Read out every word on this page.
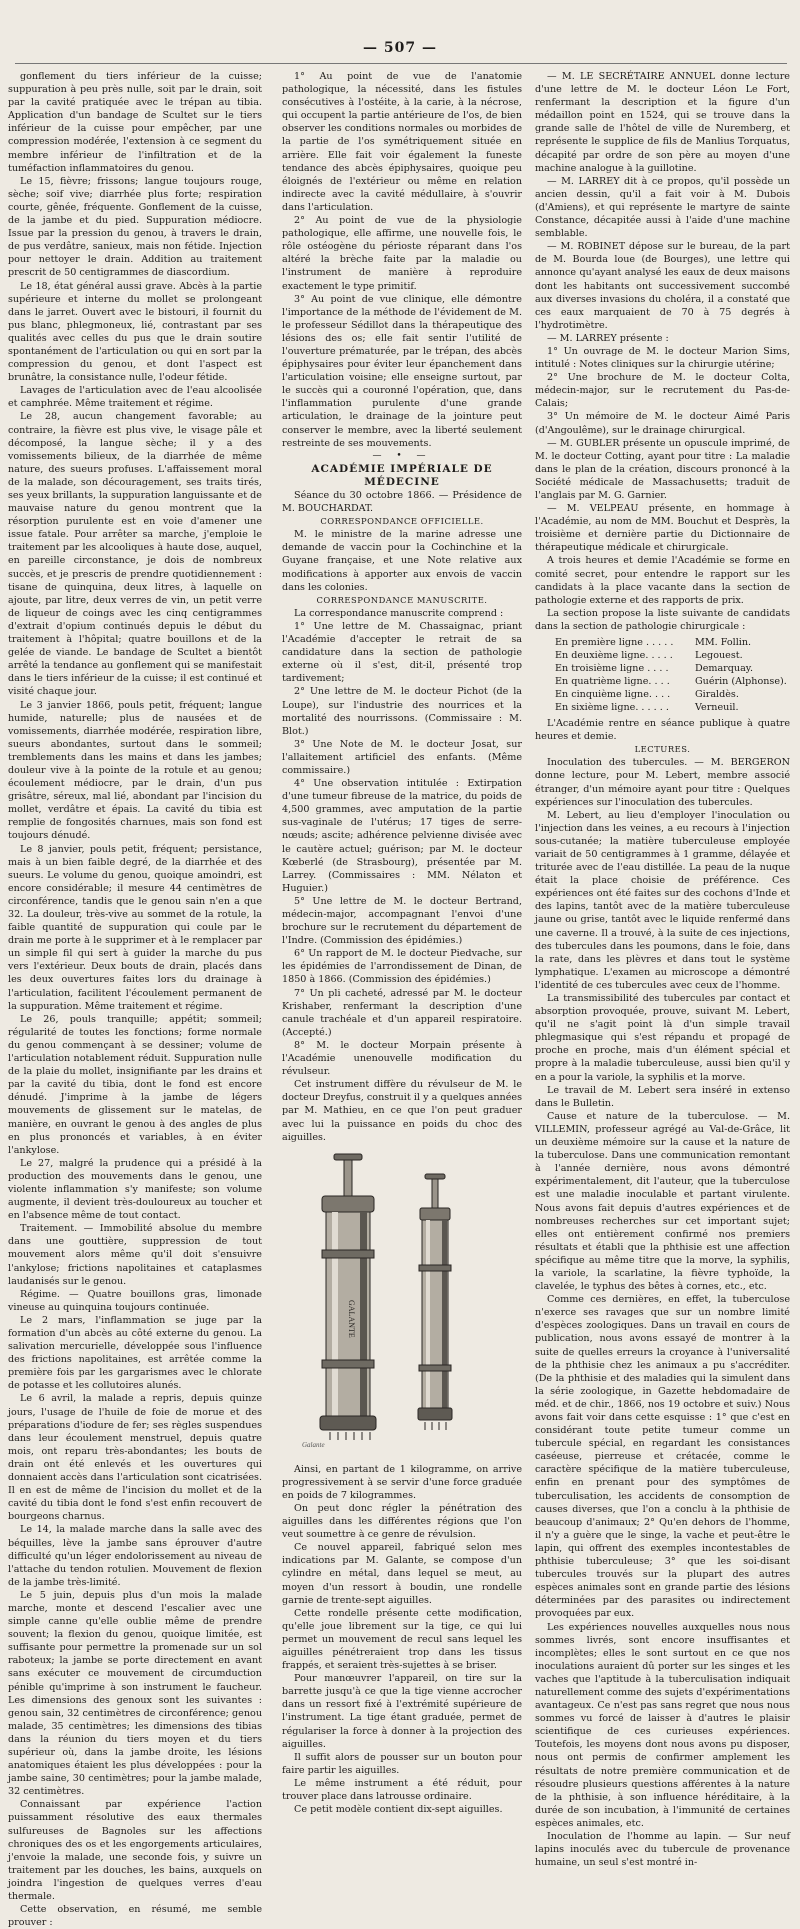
— 507 —

gonflement du tiers inférieur de la cuisse; suppuration à peu près nulle, soit par le drain, soit par la cavité pratiquée avec le trépan au tibia. Application d'un bandage de Scultet sur le tiers inférieur de la cuisse pour empêcher, par une compression modérée, l'extension à ce segment du membre inférieur de l'infiltration et de la tuméfaction inflammatoires du genou.

Le 15, fièvre; frissons; langue toujours rouge, sèche; soif vive; diarrhée plus forte; respiration courte, gênée, fréquente. Gonflement de la cuisse, de la jambe et du pied. Suppuration médiocre. Issue par la pression du genou, à travers le drain, de pus verdâtre, sanieux, mais non fétide. Injection pour nettoyer le drain. Addition au traitement prescrit de 50 centigrammes de diascordium.

Le 18, état général aussi grave. Abcès à la partie supérieure et interne du mollet se prolongeant dans le jarret. Ouvert avec le bistouri, il fournit du pus blanc, phlegmoneux, lié, contrastant par ses qualités avec celles du pus que le drain soutire spontanément de l'articulation ou qui en sort par la compression du genou, et dont l'aspect est brunâtre, la consistance nulle, l'odeur fétide.

Lavages de l'articulation avec de l'eau alcoolisée et camphrée. Même traitement et régime.

Le 28, aucun changement favorable; au contraire, la fièvre est plus vive, le visage pâle et décomposé, la langue sèche; il y a des vomissements bilieux, de la diarrhée de même nature, des sueurs profuses. L'affaissement moral de la malade, son découragement, ses traits tirés, ses yeux brillants, la suppuration languissante et de mauvaise nature du genou montrent que la résorption purulente est en voie d'amener une issue fatale. Pour arrêter sa marche, j'emploie le traitement par les alcooliques à haute dose, auquel, en pareille circonstance, je dois de nombreux succès, et je prescris de prendre quotidiennement : tisane de quinquina, deux litres, à laquelle on ajoute, par litre, deux verres de vin, un petit verre de liqueur de coings avec les cinq centigrammes d'extrait d'opium continués depuis le début du traitement à l'hôpital; quatre bouillons et de la gelée de viande. Le bandage de Scultet a bientôt arrêté la tendance au gonflement qui se manifestait dans le tiers inférieur de la cuisse; il est continué et visité chaque jour.

Le 3 janvier 1866, pouls petit, fréquent; langue humide, naturelle; plus de nausées et de vomissements, diarrhée modérée, respiration libre, sueurs abondantes, surtout dans le sommeil; tremblements dans les mains et dans les jambes; douleur vive à la pointe de la rotule et au genou; écoulement médiocre, par le drain, d'un pus grisâtre, séreux, mal lié, abondant par l'incision du mollet, verdâtre et épais. La cavité du tibia est remplie de fongosités charnues, mais son fond est toujours dénudé.

Le 8 janvier, pouls petit, fréquent; persistance, mais à un bien faible degré, de la diarrhée et des sueurs. Le volume du genou, quoique amoindri, est encore considérable; il mesure 44 centimètres de circonférence, tandis que le genou sain n'en a que 32. La douleur, très-vive au sommet de la rotule, la faible quantité de suppuration qui coule par le drain me porte à le supprimer et à le remplacer par un simple fil qui sert à guider la marche du pus vers l'extérieur. Deux bouts de drain, placés dans les deux ouvertures faites lors du drainage à l'articulation, facilitent l'écoulement permanent de la suppuration. Même traitement et régime.

Le 26, pouls tranquille; appétit; sommeil; régularité de toutes les fonctions; forme normale du genou commençant à se dessiner; volume de l'articulation notablement réduit. Suppuration nulle de la plaie du mollet, insignifiante par les drains et par la cavité du tibia, dont le fond est encore dénudé. J'imprime à la jambe de légers mouvements de glissement sur le matelas, de manière, en ouvrant le genou à des angles de plus en plus prononcés et variables, à en éviter l'ankylose.

Le 27, malgré la prudence qui a présidé à la production des mouvements dans le genou, une violente inflammation s'y manifeste; son volume augmente, il devient très-douloureux au toucher et en l'absence même de tout contact.

Traitement. — Immobilité absolue du membre dans une gouttière, suppression de tout mouvement alors même qu'il doit s'ensuivre l'ankylose; frictions napolitaines et cataplasmes laudanisés sur le genou.

Régime. — Quatre bouillons gras, limonade vineuse au quinquina toujours continuée.

Le 2 mars, l'inflammation se juge par la formation d'un abcès au côté externe du genou. La salivation mercurielle, développée sous l'influence des frictions napolitaines, est arrêtée comme la première fois par les gargarismes avec le chlorate de potasse et les collutoires alunés.

Le 6 avril, la malade a repris, depuis quinze jours, l'usage de l'huile de foie de morue et des préparations d'iodure de fer; ses règles suspendues dans leur écoulement menstruel, depuis quatre mois, ont reparu très-abondantes; les bouts de drain ont été enlevés et les ouvertures qui donnaient accès dans l'articulation sont cicatrisées. Il en est de même de l'incision du mollet et de la cavité du tibia dont le fond s'est enfin recouvert de bourgeons charnus.

Le 14, la malade marche dans la salle avec des béquilles, lève la jambe sans éprouver d'autre difficulté qu'un léger endolorissement au niveau de l'attache du tendon rotulien. Mouvement de flexion de la jambe très-limité.

Le 5 juin, depuis plus d'un mois la malade marche, monte et descend l'escalier avec une simple canne qu'elle oublie même de prendre souvent; la flexion du genou, quoique limitée, est suffisante pour permettre la promenade sur un sol raboteux; la jambe se porte directement en avant sans exécuter ce mouvement de circumduction pénible qu'imprime à son instrument le faucheur. Les dimensions des genoux sont les suivantes : genou sain, 32 centimètres de circonférence; genou malade, 35 centimètres; les dimensions des tibias dans la réunion du tiers moyen et du tiers supérieur où, dans la jambe droite, les lésions anatomiques étaient les plus développées : pour la jambe saine, 30 centimètres; pour la jambe malade, 32 centimètres.

Connaissant par expérience l'action puissamment résolutive des eaux thermales sulfureuses de Bagnoles sur les affections chroniques des os et les engorgements articulaires, j'envoie la malade, une seconde fois, y suivre un traitement par les douches, les bains, auxquels on joindra l'ingestion de quelques verres d'eau thermale.

Cette observation, en résumé, me semble prouver :

1° Au point de vue de l'anatomie pathologique, la nécessité, dans les fistules consécutives à l'ostéite, à la carie, à la nécrose, qui occupent la partie antérieure de l'os, de bien observer les conditions normales ou morbides de la partie de l'os symétriquement située en arrière. Elle fait voir également la funeste tendance des abcès épiphysaires, quoique peu éloignés de l'extérieur ou même en relation indirecte avec la cavité médullaire, à s'ouvrir dans l'articulation.

2° Au point de vue de la physiologie pathologique, elle affirme, une nouvelle fois, le rôle ostéogène du périoste réparant dans l'os altéré la brèche faite par la maladie ou l'instrument de manière à reproduire exactement le type primitif.

3° Au point de vue clinique, elle démontre l'importance de la méthode de l'évidement de M. le professeur Sédillot dans la thérapeutique des lésions des os; elle fait sentir l'utilité de l'ouverture prématurée, par le trépan, des abcès épiphysaires pour éviter leur épanchement dans l'articulation voisine; elle enseigne surtout, par le succès qui a couronné l'opération, que, dans l'inflammation purulente d'une grande articulation, le drainage de la jointure peut conserver le membre, avec la liberté seulement restreinte de ses mouvements.

— • —

ACADÉMIE IMPÉRIALE DE MÉDECINE

Séance du 30 octobre 1866. — Présidence de M. BOUCHARDAT.

CORRESPONDANCE OFFICIELLE.

M. le ministre de la marine adresse une demande de vaccin pour la Cochinchine et la Guyane française, et une Note relative aux modifications à apporter aux envois de vaccin dans les colonies.

CORRESPONDANCE MANUSCRITE.

La correspondance manuscrite comprend :

1° Une lettre de M. Chassaignac, priant l'Académie d'accepter le retrait de sa candidature dans la section de pathologie externe où il s'est, dit-il, présenté trop tardivement;

2° Une lettre de M. le docteur Pichot (de la Loupe), sur l'industrie des nourrices et la mortalité des nourrissons. (Commissaire : M. Blot.)

3° Une Note de M. le docteur Josat, sur l'allaitement artificiel des enfants. (Même commissaire.)

4° Une observation intitulée : Extirpation d'une tumeur fibreuse de la matrice, du poids de 4,500 grammes, avec amputation de la partie sus-vaginale de l'utérus; 17 tiges de serre-nœuds; ascite; adhérence pelvienne divisée avec le cautère actuel; guérison; par M. le docteur Kœberlé (de Strasbourg), présentée par M. Larrey. (Commissaires : MM. Nélaton et Huguier.)

5° Une lettre de M. le docteur Bertrand, médecin-major, accompagnant l'envoi d'une brochure sur le recrutement du département de l'Indre. (Commission des épidémies.)

6° Un rapport de M. le docteur Piedvache, sur les épidémies de l'arrondissement de Dinan, de 1850 à 1866. (Commission des épidémies.)

7° Un pli cacheté, adressé par M. le docteur Krishaber, renfermant la description d'une canule trachéale et d'un appareil respiratoire. (Accepté.)

8° M. le docteur Morpain présente à l'Académie unenouvelle modification du révulseur.

Cet instrument diffère du révulseur de M. le docteur Dreyfus, construit il y a quelques années par M. Mathieu, en ce que l'on peut graduer avec lui la puissance en poids du choc des aiguilles.

GALANTE
Galante

Ainsi, en partant de 1 kilogramme, on arrive progressivement à se servir d'une force graduée en poids de 7 kilogrammes.

On peut donc régler la pénétration des aiguilles dans les différentes régions que l'on veut soumettre à ce genre de révulsion.

Ce nouvel appareil, fabriqué selon mes indications par M. Galante, se compose d'un cylindre en métal, dans lequel se meut, au moyen d'un ressort à boudin, une rondelle garnie de trente-sept aiguilles.

Cette rondelle présente cette modification, qu'elle joue librement sur la tige, ce qui lui permet un mouvement de recul sans lequel les aiguilles pénétreraient trop dans les tissus frappés, et seraient très-sujettes à se briser.

Pour manœuvrer l'appareil, on tire sur la barrette jusqu'à ce que la tige vienne accrocher dans un ressort fixé à l'extrémité supérieure de l'instrument. La tige étant graduée, permet de régulariser la force à donner à la projection des aiguilles.

Il suffit alors de pousser sur un bouton pour faire partir les aiguilles.

Le même instrument a été réduit, pour trouver place dans latrousse ordinaire.

Ce petit modèle contient dix-sept aiguilles.

— M. LE SECRÉTAIRE ANNUEL donne lecture d'une lettre de M. le docteur Léon Le Fort, renfermant la description et la figure d'un médaillon point en 1524, qui se trouve dans la grande salle de l'hôtel de ville de Nuremberg, et représente le supplice de fils de Manlius Torquatus, décapité par ordre de son père au moyen d'une machine analogue à la guillotine.

— M. LARREY dit à ce propos, qu'il possède un ancien dessin, qu'il a fait voir à M. Dubois (d'Amiens), et qui représente le martyre de sainte Constance, décapitée aussi à l'aide d'une machine semblable.

— M. ROBINET dépose sur le bureau, de la part de M. Bourda loue (de Bourges), une lettre qui annonce qu'ayant analysé les eaux de deux maisons dont les habitants ont successivement succombé aux diverses invasions du choléra, il a constaté que ces eaux marquaient de 70 à 75 degrés à l'hydrotimètre.

— M. LARREY présente :

1° Un ouvrage de M. le docteur Marion Sims, intitulé : Notes cliniques sur la chirurgie utérine;

2° Une brochure de M. le docteur Colta, médecin-major, sur le recrutement du Pas-de-Calais;

3° Un mémoire de M. le docteur Aimé Paris (d'Angoulême), sur le drainage chirurgical.

— M. GUBLER présente un opuscule imprimé, de M. le docteur Cotting, ayant pour titre : La maladie dans le plan de la création, discours prononcé à la Société médicale de Massachusetts; traduit de l'anglais par M. G. Garnier.

— M. VELPEAU présente, en hommage à l'Académie, au nom de MM. Bouchut et Desprès, la troisième et dernière partie du Dictionnaire de thérapeutique médicale et chirurgicale.

A trois heures et demie l'Académie se forme en comité secret, pour entendre le rapport sur les candidats à la place vacante dans la section de pathologie externe et des rapports de prix.

La section propose la liste suivante de candidats dans la section de pathologie chirurgicale :

En première ligne . . . . .	MM. Follin.
En deuxième ligne. . . . .	Legouest.
En troisième ligne . . . .	Demarquay.
En quatrième ligne. . . .	Guérin (Alphonse).
En cinquième ligne. . . .	Giraldès.
En sixième ligne. . . . . .	Verneuil.

L'Académie rentre en séance publique à quatre heures et demie.

LECTURES.

Inoculation des tubercules. — M. BERGERON donne lecture, pour M. Lebert, membre associé étranger, d'un mémoire ayant pour titre : Quelques expériences sur l'inoculation des tubercules.

M. Lebert, au lieu d'employer l'inoculation ou l'injection dans les veines, a eu recours à l'injection sous-cutanée; la matière tuberculeuse employée variait de 50 centigrammes à 1 gramme, délayée et triturée avec de l'eau distillée. La peau de la nuque était la place choisie de préférence. Ces expériences ont été faites sur des cochons d'Inde et des lapins, tantôt avec de la matière tuberculeuse jaune ou grise, tantôt avec le liquide renfermé dans une caverne. Il a trouvé, à la suite de ces injections, des tubercules dans les poumons, dans le foie, dans la rate, dans les plèvres et dans tout le système lymphatique. L'examen au microscope a démontré l'identité de ces tubercules avec ceux de l'homme.

La transmissibilité des tubercules par contact et absorption provoquée, prouve, suivant M. Lebert, qu'il ne s'agit point là d'un simple travail phlegmasique qui s'est répandu et propagé de proche en proche, mais d'un élément spécial et propre à la maladie tuberculeuse, aussi bien qu'il y en a pour la variole, la syphilis et la morve.

Le travail de M. Lebert sera inséré in extenso dans le Bulletin.

Cause et nature de la tuberculose. — M. VILLEMIN, professeur agrégé au Val-de-Grâce, lit un deuxième mémoire sur la cause et la nature de la tuberculose. Dans une communication remontant à l'année dernière, nous avons démontré expérimentalement, dit l'auteur, que la tuberculose est une maladie inoculable et partant virulente. Nous avons fait depuis d'autres expériences et de nombreuses recherches sur cet important sujet; elles ont entièrement confirmé nos premiers résultats et établi que la phthisie est une affection spécifique au même titre que la morve, la syphilis, la variole, la scarlatine, la fièvre typhoïde, la clavelée, le typhus des bêtes à cornes, etc., etc.

Comme ces dernières, en effet, la tuberculose n'exerce ses ravages que sur un nombre limité d'espèces zoologiques. Dans un travail en cours de publication, nous avons essayé de montrer à la suite de quelles erreurs la croyance à l'universalité de la phthisie chez les animaux a pu s'accréditer. (De la phthisie et des maladies qui la simulent dans la série zoologique, in Gazette hebdomadaire de méd. et de chir., 1866, nos 19 octobre et suiv.) Nous avons fait voir dans cette esquisse : 1° que c'est en considérant toute petite tumeur comme un tubercule spécial, en regardant les consistances caséeuse, pierreuse et crétacée, comme le caractère spécifique de la matière tuberculeuse, enfin en prenant pour des symptômes de tuberculisation, les accidents de consomption de causes diverses, que l'on a conclu à la phthisie de beaucoup d'animaux; 2° Qu'en dehors de l'homme, il n'y a guère que le singe, la vache et peut-être le lapin, qui offrent des exemples incontestables de phthisie tuberculeuse; 3° que les soi-disant tubercules trouvés sur la plupart des autres espèces animales sont en grande partie des lésions déterminées par des parasites ou indirectement provoquées par eux.

Les expériences nouvelles auxquelles nous nous sommes livrés, sont encore insuffisantes et incomplètes; elles le sont surtout en ce que nos inoculations auraient dû porter sur les singes et les vaches que l'aptitude à la tuberculisation indiquait naturellement comme des sujets d'expérimentations avantageux. Ce n'est pas sans regret que nous nous sommes vu forcé de laisser à d'autres le plaisir scientifique de ces curieuses expériences. Toutefois, les moyens dont nous avons pu disposer, nous ont permis de confirmer amplement les résultats de notre première communication et de résoudre plusieurs questions afférentes à la nature de la phthisie, à son influence héréditaire, à la durée de son incubation, à l'immunité de certaines espèces animales, etc.

Inoculation de l'homme au lapin. — Sur neuf lapins inoculés avec du tubercule de provenance humaine, un seul s'est montré in-
